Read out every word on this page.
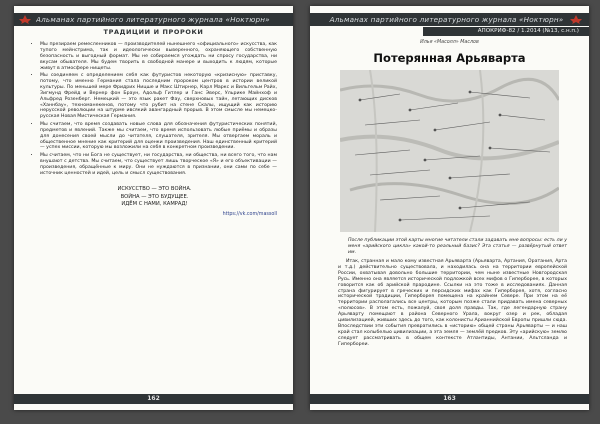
Альманах партийного литературного журнала «Ноктюрн»
ТРАДИЦИИ И ПРОРОКИ
• Мы презираем ремесленников — производителей нынешнего «официального» искусства, как тупого мейнстрима, так и идеологически выверенного, охраняющего собственную безопасность и выгодный формат. Мы не собираемся угождать ни спросу государства, ни вкусам обывателя. Мы будем творить в свободной манере и выходить к людям, которые живут в атмосфере нищеты.
• Мы соединяем с определением себя как футуристов некоторую «кризисную» приставку, потому, что именно Германия стала последним пророком центров в истории великой культуры. По меньшей мере Фридрих Ницше и Макс Штирнер, Карл Маркс и Вильгельм Райх, Зигмунд Фрейд и Вернер фон Браун, Адольф Гитлер и Ганс Эверс, Ульрике Майнхоф и Альфред Розенберг. Немецкий — это язык ракет Фау, сверхновых тайн, летающих дисков «Ханнбау», техноманекенов, потому что рубит на стене Скалы, ищущий как историю нерусской революции на штурме ивсякий авангардный прорыв. В этом смысле мы немецко-русская Новая Мистическая Германия.
• Мы считаем, что время создавать новые слова для обозначения футуристических понятий, предметов и явлений. Также мы считаем, что время использовать любые приёмы и образы для донесения своей мысли до читателя, слушателя, зрителя. Мы отвергаем мораль и общественное мнение как критерий для оценки произведения. Наш единственный критерий — успех миссии, которую мы возложили на себя в конкретном произведении.
• Мы считаем, что ни Бога не существует, ни государства, ни общества, ни всего того, что нам внушают с детства. Мы считаем, что существует лишь творческое «Я» и его объективации — произведения, обращённые к миру. Они не нуждаются в признании, они сами по себе — источник ценностей и идей, цель и смысл существования.
ИСКУССТВО — ЭТО ВОЙНА.
ВОЙНА — ЭТО БУДУЩЕЕ.
ИДЁМ С НАМИ, КАМРАД!
https://vk.com/massoll
162
Альманах партийного литературного журнала «Ноктюрн»
АПОКРИФ-82 / 1.2014 (№13, с.н.п.)
Илья «Масолл» Маслов
Потерянная Арьяварта
После публикации этой карты многие читатели стали задавать мне вопросы: есть ли у меня «арийского цикла» какой-то реальный базис? Эта статья — развёрнутый ответ им.

Итак, странная и мало кому известная Арьяварта (Арьяварта, Артания, Оратания, Арта и т.д.) действительно существовала, и находилась она на территории европейской России, охватывая довольно большие территории, чем ныне известные Новгородская Русь. Именно она является исторической подложкой всех мифов о Гиперборее, в которых говорится как об арийской прародине. Ссылки на это тоже в исследованиях. Данная страна фигурирует в греческих и персидских мифах как Гиперборея, хотя, согласно исторической традиции, Гиперборея помещена на крайнем Севере. При этом на её территории располагались все центры, которым позже стали придавать имена северных «полюсов». В этом есть, пожалуй, своя доля правды. Так, где легендарную страну Арьяварту помещают в района Северного Урала, вокруг озер и рек, обладая цивилизацией, живших здесь до того, как колонисты Арианнийской Европы пришли сюда. Впоследствии эти события превратились в «историю» общей страны Арьяварты — и наш край стал колыбелью цивилизации, а эта земля — землёй предков. Эту «арийскую» землю следует рассматривать в общем контексте Атлантиды, Антании, Альтсланда и Гипербореи.

163
